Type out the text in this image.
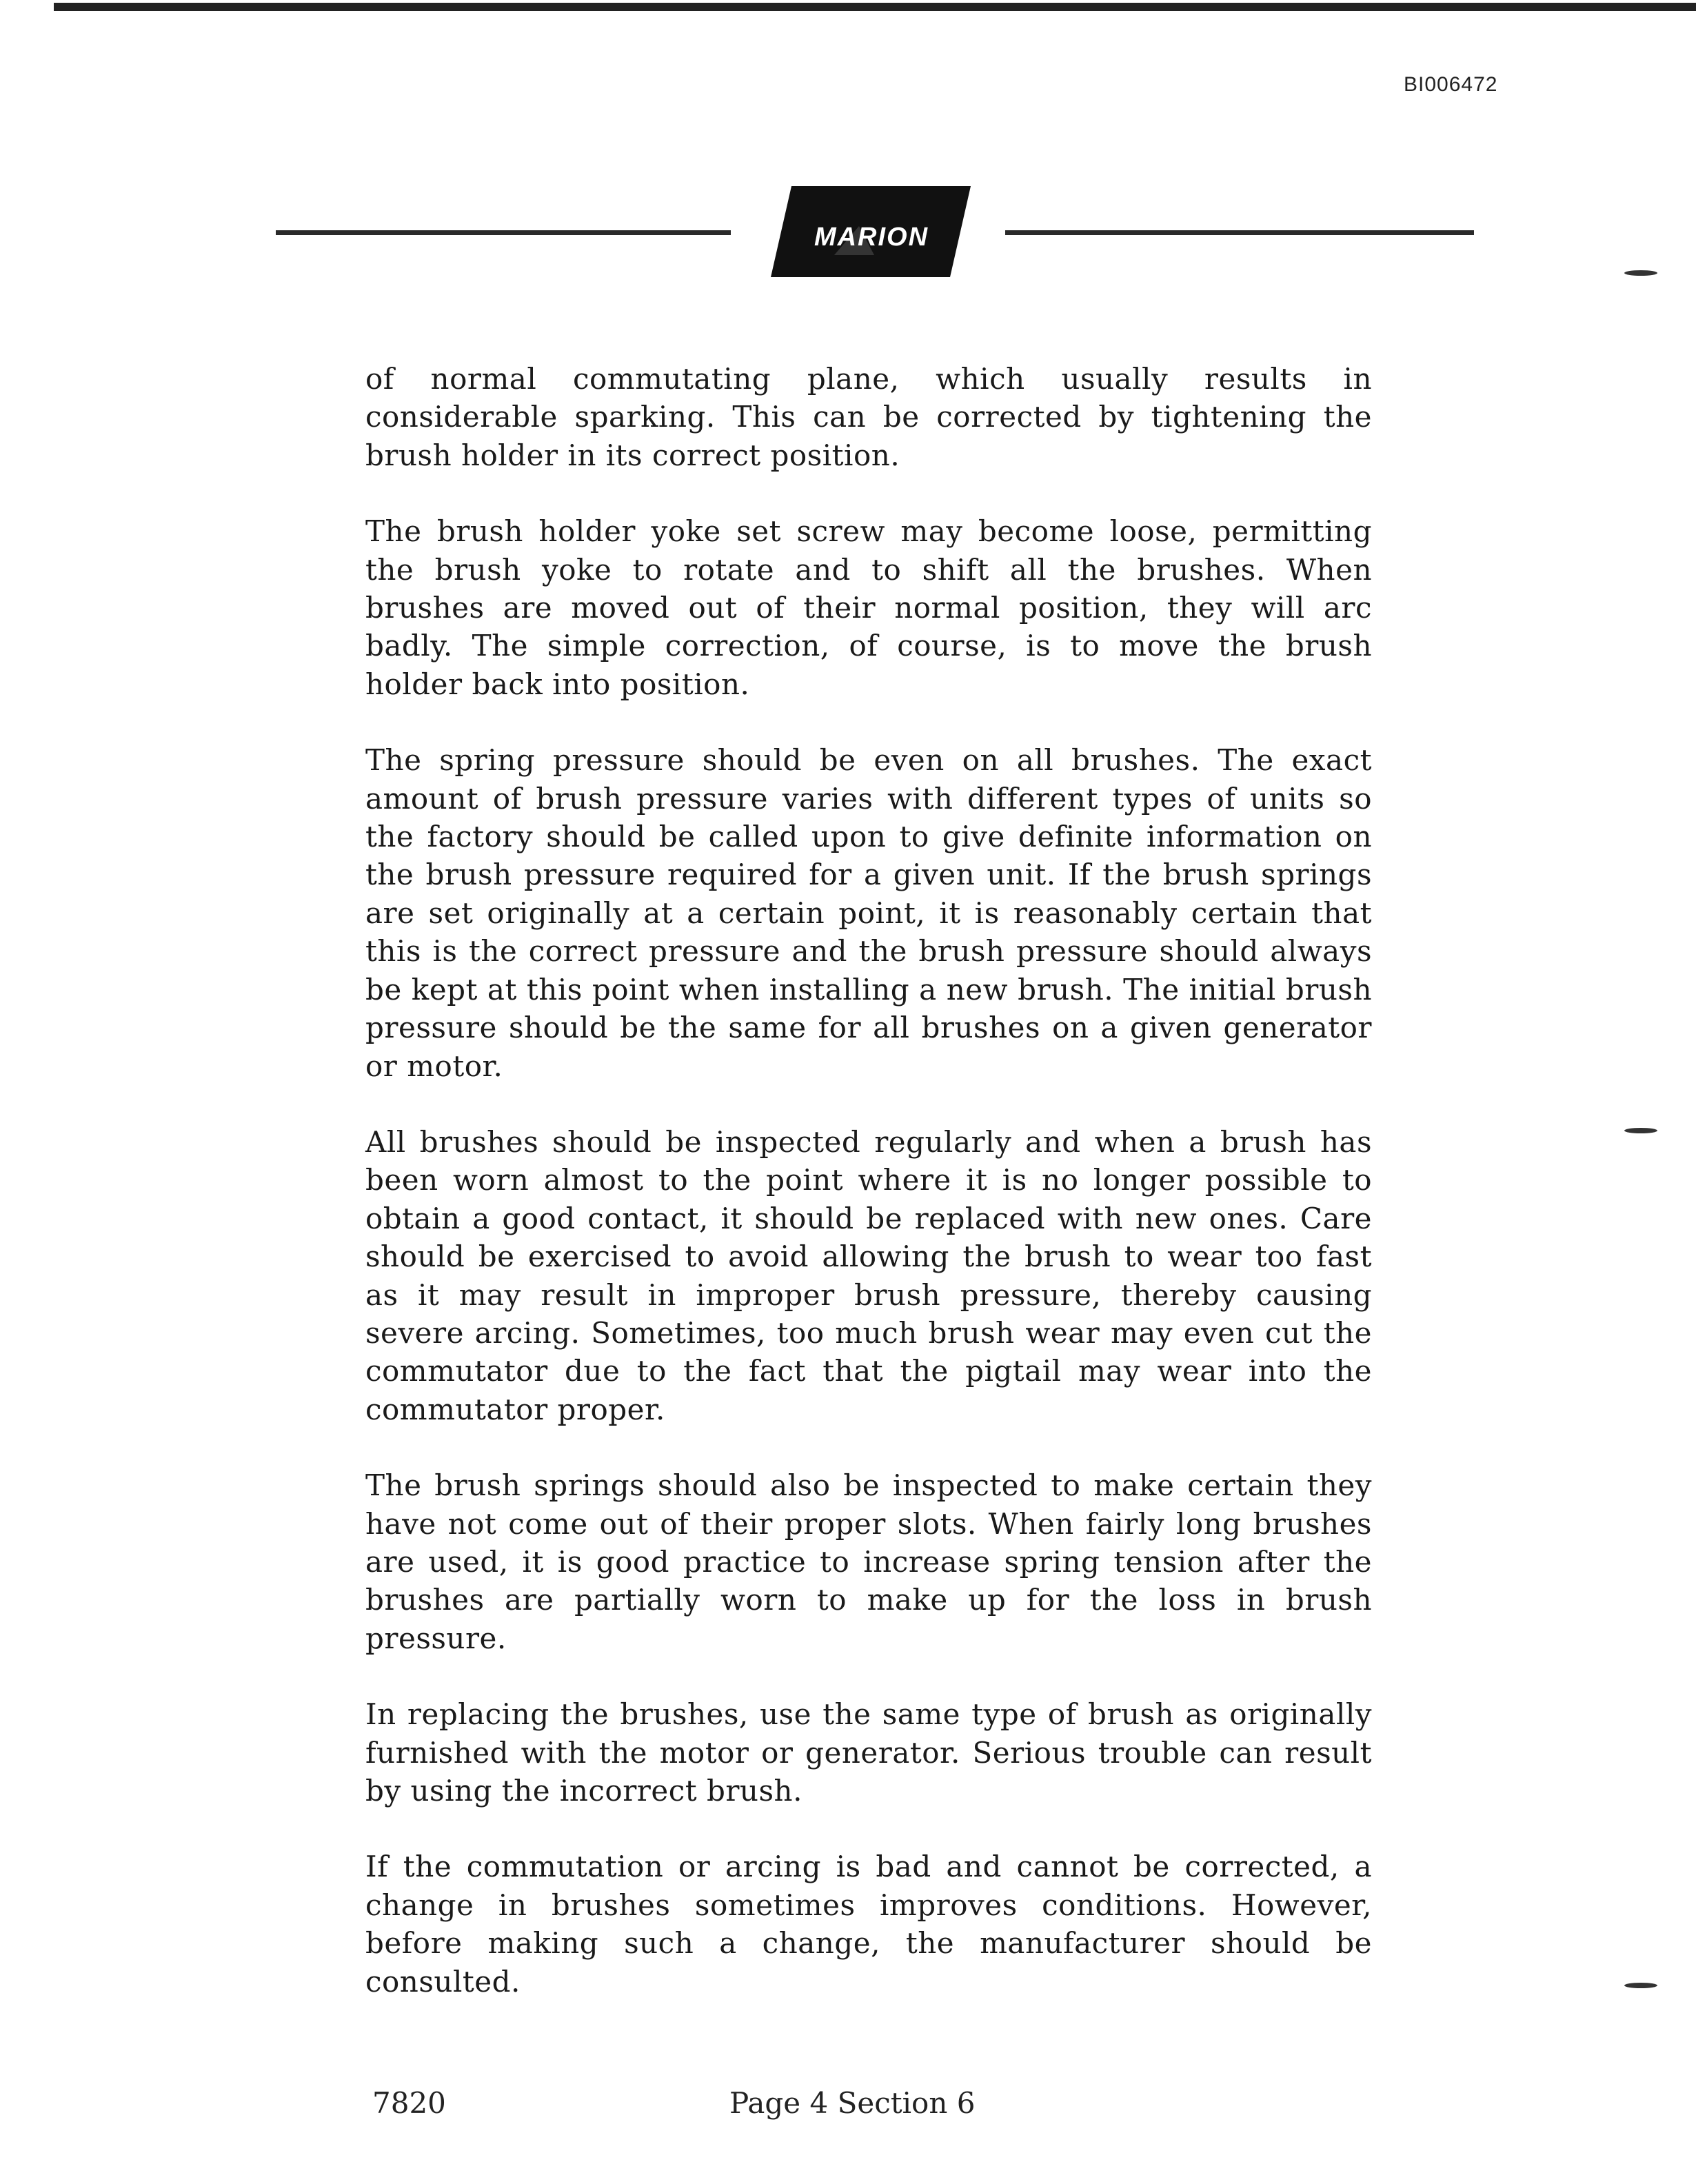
BI006472
MARION

of normal commutating plane, which usually results in considerable sparking. This can be corrected by tightening the brush holder in its correct position.

The brush holder yoke set screw may become loose, permitting the brush yoke to rotate and to shift all the brushes. When brushes are moved out of their normal position, they will arc badly. The simple correction, of course, is to move the brush holder back into position.

The spring pressure should be even on all brushes. The exact amount of brush pressure varies with different types of units so the factory should be called upon to give definite information on the brush pressure required for a given unit. If the brush springs are set originally at a certain point, it is reasonably certain that this is the correct pressure and the brush pressure should always be kept at this point when installing a new brush. The initial brush pressure should be the same for all brushes on a given generator or motor.

All brushes should be inspected regularly and when a brush has been worn almost to the point where it is no longer possible to obtain a good contact, it should be replaced with new ones. Care should be exercised to avoid allowing the brush to wear too fast as it may result in improper brush pressure, thereby causing severe arcing. Sometimes, too much brush wear may even cut the commutator due to the fact that the pigtail may wear into the commutator proper.

The brush springs should also be inspected to make certain they have not come out of their proper slots. When fairly long brushes are used, it is good practice to increase spring tension after the brushes are partially worn to make up for the loss in brush pressure.

In replacing the brushes, use the same type of brush as originally furnished with the motor or generator. Serious trouble can result by using the incorrect brush.

If the commutation or arcing is bad and cannot be corrected, a change in brushes sometimes improves conditions. However, before making such a change, the manufacturer should be consulted.

7820	Page 4 Section 6
